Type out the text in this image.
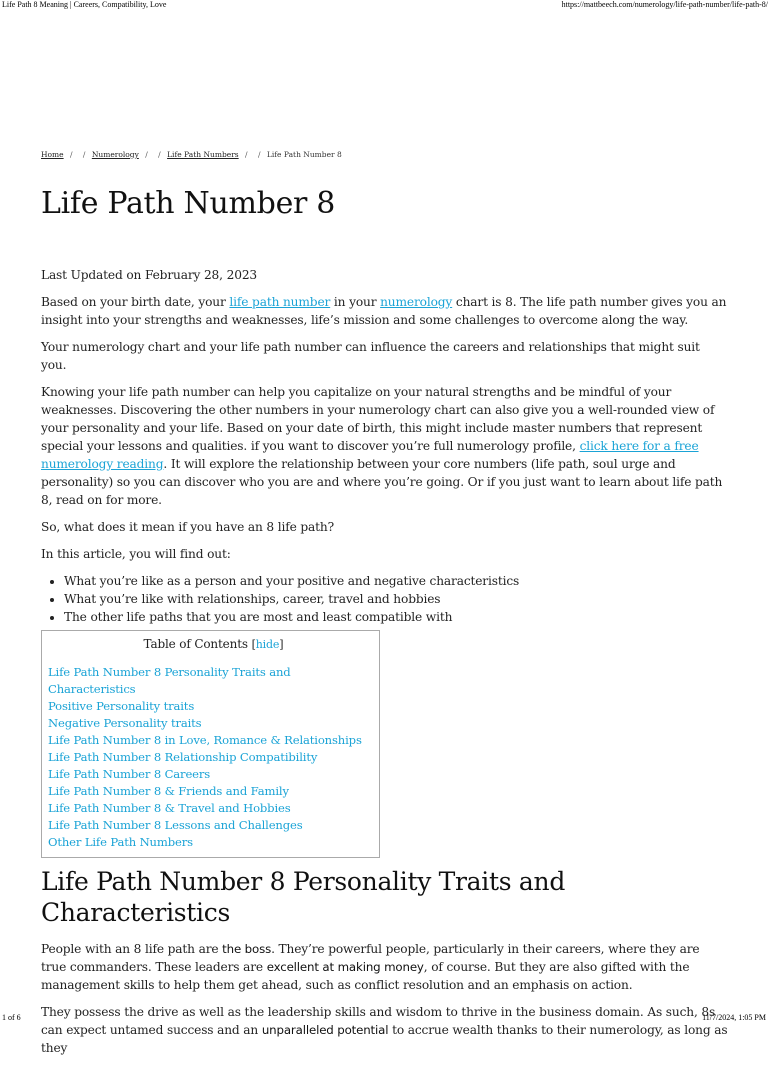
Life Path 8 Meaning | Careers, Compatibility, Love	https://mattbeech.com/numerology/life-path-number/life-path-8/
Home / / Numerology / / Life Path Numbers / / Life Path Number 8
Life Path Number 8

Last Updated on February 28, 2023

Based on your birth date, your life path number in your numerology chart is 8. The life path number gives you an insight into your strengths and weaknesses, life’s mission and some challenges to overcome along the way.

Your numerology chart and your life path number can influence the careers and relationships that might suit you.

Knowing your life path number can help you capitalize on your natural strengths and be mindful of your weaknesses. Discovering the other numbers in your numerology chart can also give you a well-rounded view of your personality and your life. Based on your date of birth, this might include master numbers that represent special your lessons and qualities. if you want to discover you’re full numerology profile, click here for a free numerology reading. It will explore the relationship between your core numbers (life path, soul urge and personality) so you can discover who you are and where you’re going. Or if you just want to learn about life path 8, read on for more.

So, what does it mean if you have an 8 life path?

In this article, you will find out:

• What you’re like as a person and your positive and negative characteristics
• What you’re like with relationships, career, travel and hobbies
• The other life paths that you are most and least compatible with
Table of Contents [hide]
Life Path Number 8 Personality Traits and Characteristics
Positive Personality traits
Negative Personality traits
Life Path Number 8 in Love, Romance & Relationships
Life Path Number 8 Relationship Compatibility
Life Path Number 8 Careers
Life Path Number 8 & Friends and Family
Life Path Number 8 & Travel and Hobbies
Life Path Number 8 Lessons and Challenges
Other Life Path Numbers
Life Path Number 8 Personality Traits and Characteristics

People with an 8 life path are the boss. They’re powerful people, particularly in their careers, where they are true commanders. These leaders are excellent at making money, of course. But they are also gifted with the management skills to help them get ahead, such as conflict resolution and an emphasis on action.

They possess the drive as well as the leadership skills and wisdom to thrive in the business domain. As such, 8s can expect untamed success and an unparalleled potential to accrue wealth thanks to their numerology, as long as they

1 of 6	11/7/2024, 1:05 PM
